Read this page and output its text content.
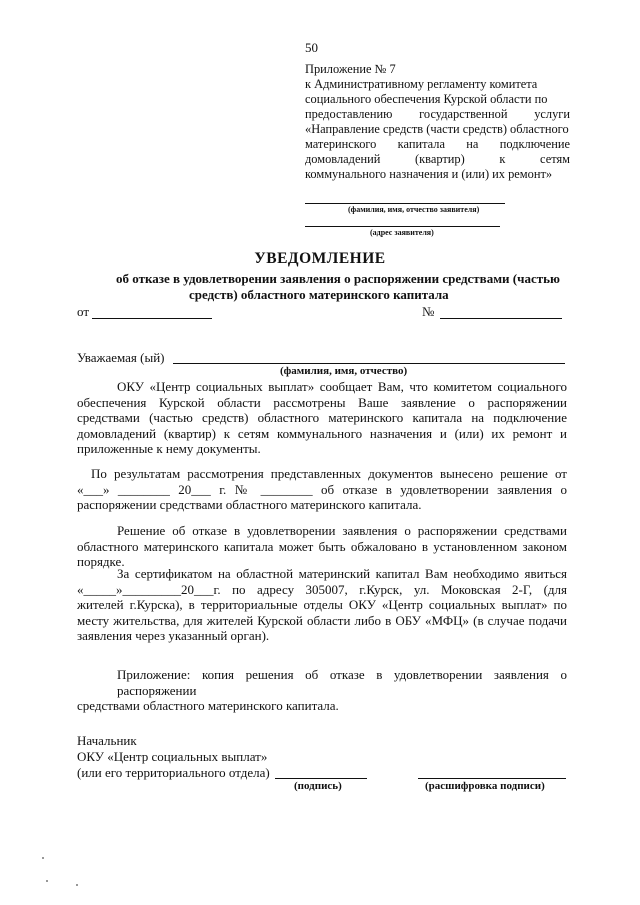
50
Приложение № 7
к Административному регламенту комитета
социального обеспечения Курской области по
предоставлению государственной услуги
«Направление средств (части средств) областного
материнского капитала на подключение
домовладений (квартир) к сетям
коммунального назначения и (или) их ремонт»
(фамилия, имя, отчество заявителя)
(адрес заявителя)
УВЕДОМЛЕНИЕ
об отказе в удовлетворении заявления о распоряжении средствами (частью
средств) областного материнского капитала
от	№
Уважаемая (ый)
(фамилия, имя, отчество)
ОКУ «Центр социальных выплат» сообщает Вам, что комитетом социального
обеспечения Курской области рассмотрены Ваше заявление о распоряжении
средствами (частью средств) областного материнского капитала на подключение
домовладений (квартир) к сетям коммунального назначения и (или) их ремонт и
приложенные к нему документы.
По результатам рассмотрения представленных документов вынесено решение от
«___» ________ 20___ г. № ________ об отказе в удовлетворении заявления о
распоряжении средствами областного материнского капитала.
Решение об отказе в удовлетворении заявления о распоряжении средствами
областного материнского капитала может быть обжаловано в установленном законом
порядке.
За сертификатом на областной материнский капитал Вам необходимо явиться
«_____»_________20___г. по адресу 305007, г.Курск, ул. Моковская 2-Г, (для
жителей г.Курска), в территориальные отделы ОКУ «Центр социальных выплат» по
месту жительства, для жителей Курской области либо в ОБУ «МФЦ» (в случае подачи
заявления через указанный орган).
Приложение: копия решения об отказе в удовлетворении заявления о распоряжении
средствами областного материнского капитала.
Начальник
ОКУ «Центр социальных выплат»
(или его территориального отдела)
(подпись)	(расшифровка подписи)
